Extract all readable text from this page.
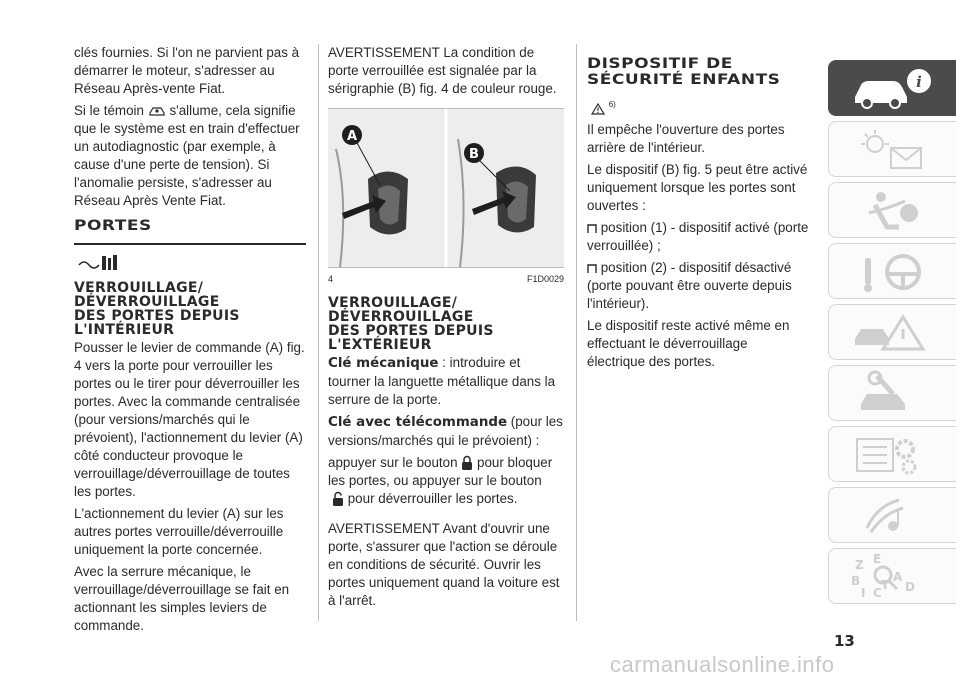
clés fournies. Si l'on ne parvient pas à démarrer le moteur, s'adresser au Réseau Après-vente Fiat.

Si le témoin s'allume, cela signifie que le système est en train d'effectuer un autodiagnostic (par exemple, à cause d'une perte de tension). Si l'anomalie persiste, s'adresser au Réseau Après Vente Fiat.

PORTES
VERROUILLAGE/
DÉVERROUILLAGE
DES PORTES DEPUIS
L'INTÉRIEUR

Pousser le levier de commande (A) fig. 4 vers la porte pour verrouiller les portes ou le tirer pour déverrouiller les portes. Avec la commande centralisée (pour versions/marchés qui le prévoient), l'actionnement du levier (A) côté conducteur provoque le verrouillage/déverrouillage de toutes les portes.

L'actionnement du levier (A) sur les autres portes verrouille/déverrouille uniquement la porte concernée.

Avec la serrure mécanique, le verrouillage/déverrouillage se fait en actionnant les simples leviers de commande.

AVERTISSEMENT La condition de porte verrouillée est signalée par la sérigraphie (B) fig. 4 de couleur rouge.

A
B
4	F1D0029
VERROUILLAGE/
DÉVERROUILLAGE
DES PORTES DEPUIS
L'EXTÉRIEUR

Clé mécanique : introduire et tourner la languette métallique dans la serrure de la porte.

Clé avec télécommande (pour les versions/marchés qui le prévoient) :

appuyer sur le bouton pour bloquer les portes, ou appuyer sur le bouton
pour déverrouiller les portes.

AVERTISSEMENT Avant d'ouvrir une porte, s'assurer que l'action se déroule en conditions de sécurité. Ouvrir les portes uniquement quand la voiture est à l'arrêt.

DISPOSITIF DE
SÉCURITÉ ENFANTS
$^{6)}$

Il empêche l'ouverture des portes arrière de l'intérieur.

Le dispositif (B) fig. 5 peut être activé uniquement lorsque les portes sont ouvertes :

position (1) - dispositif activé (porte verrouillée) ;

position (2) - dispositif désactivé (porte pouvant être ouverte depuis l'intérieur).

Le dispositif reste activé même en effectuant le déverrouillage électrique des portes.

i
Z E
B
I C
T
A
D
13
carmanualsonline.info
